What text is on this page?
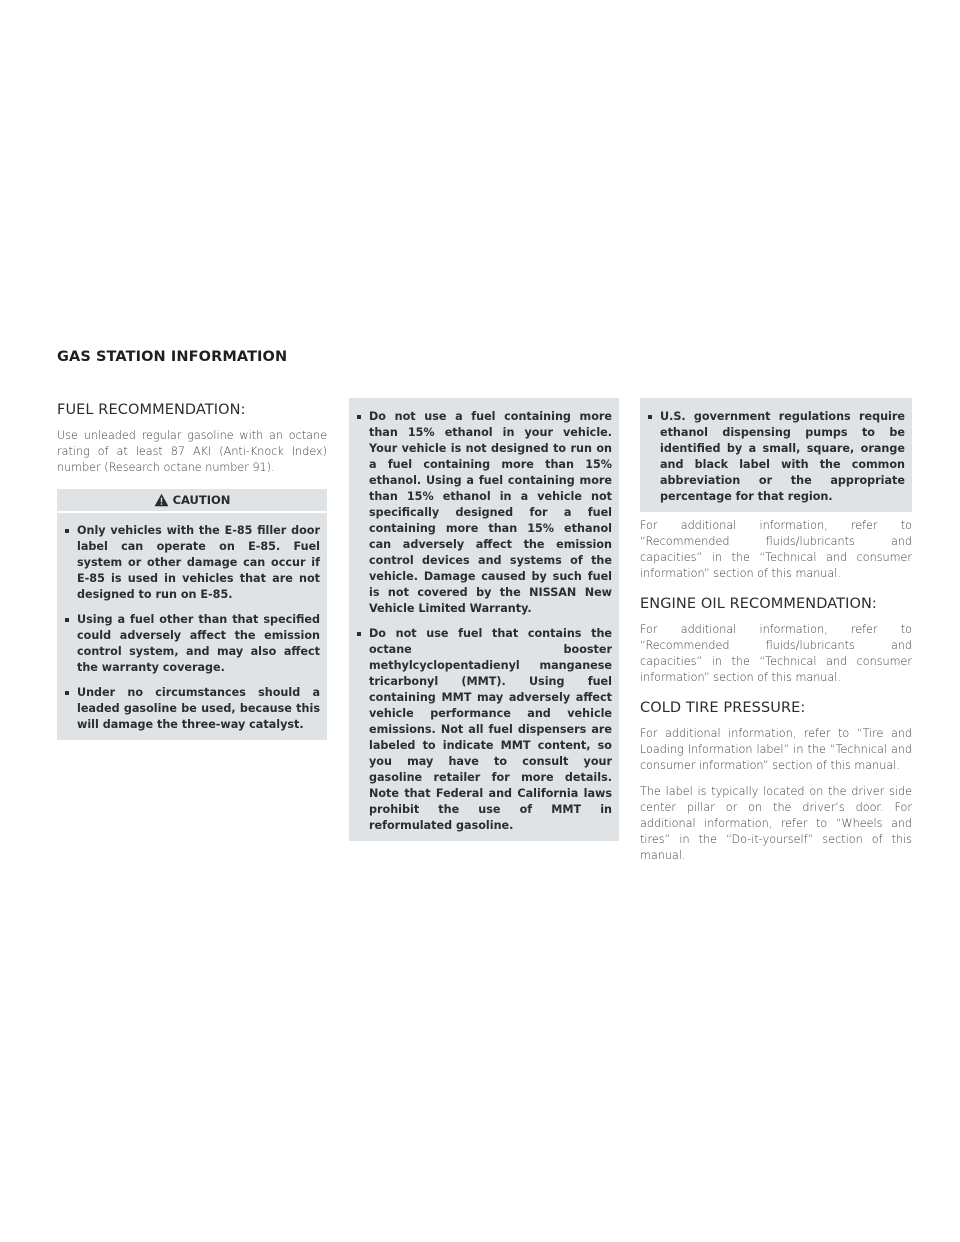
GAS STATION INFORMATION
FUEL RECOMMENDATION:

Use unleaded regular gasoline with an octane rating of at least 87 AKI (Anti-Knock Index) number (Research octane number 91).

CAUTION
Only vehicles with the E-85 filler door label can operate on E-85. Fuel system or other damage can occur if E-85 is used in vehicles that are not designed to run on E-85.
Using a fuel other than that specified could adversely affect the emission control system, and may also affect the warranty coverage.
Under no circumstances should a leaded gasoline be used, because this will damage the three-way catalyst.
Do not use a fuel containing more than 15% ethanol in your vehicle. Your vehicle is not designed to run on a fuel containing more than 15% ethanol. Using a fuel containing more than 15% ethanol in a vehicle not specifically designed for a fuel containing more than 15% ethanol can adversely affect the emission control devices and systems of the vehicle. Damage caused by such fuel is not covered by the NISSAN New Vehicle Limited Warranty.
Do not use fuel that contains the octane booster methylcyclopentadienyl manganese tricarbonyl (MMT). Using fuel containing MMT may adversely affect vehicle performance and vehicle emissions. Not all fuel dispensers are labeled to indicate MMT content, so you may have to consult your gasoline retailer for more details. Note that Federal and California laws prohibit the use of MMT in reformulated gasoline.
U.S. government regulations require ethanol dispensing pumps to be identified by a small, square, orange and black label with the common abbreviation or the appropriate percentage for that region.

For additional information, refer to “Recommended fluids/lubricants and capacities” in the “Technical and consumer information” section of this manual.

ENGINE OIL RECOMMENDATION:

For additional information, refer to “Recommended fluids/lubricants and capacities” in the “Technical and consumer information” section of this manual.

COLD TIRE PRESSURE:

For additional information, refer to “Tire and Loading Information label” in the “Technical and consumer information” section of this manual.

The label is typically located on the driver side center pillar or on the driver’s door. For additional information, refer to “Wheels and tires” in the “Do-it-yourself” section of this manual.
